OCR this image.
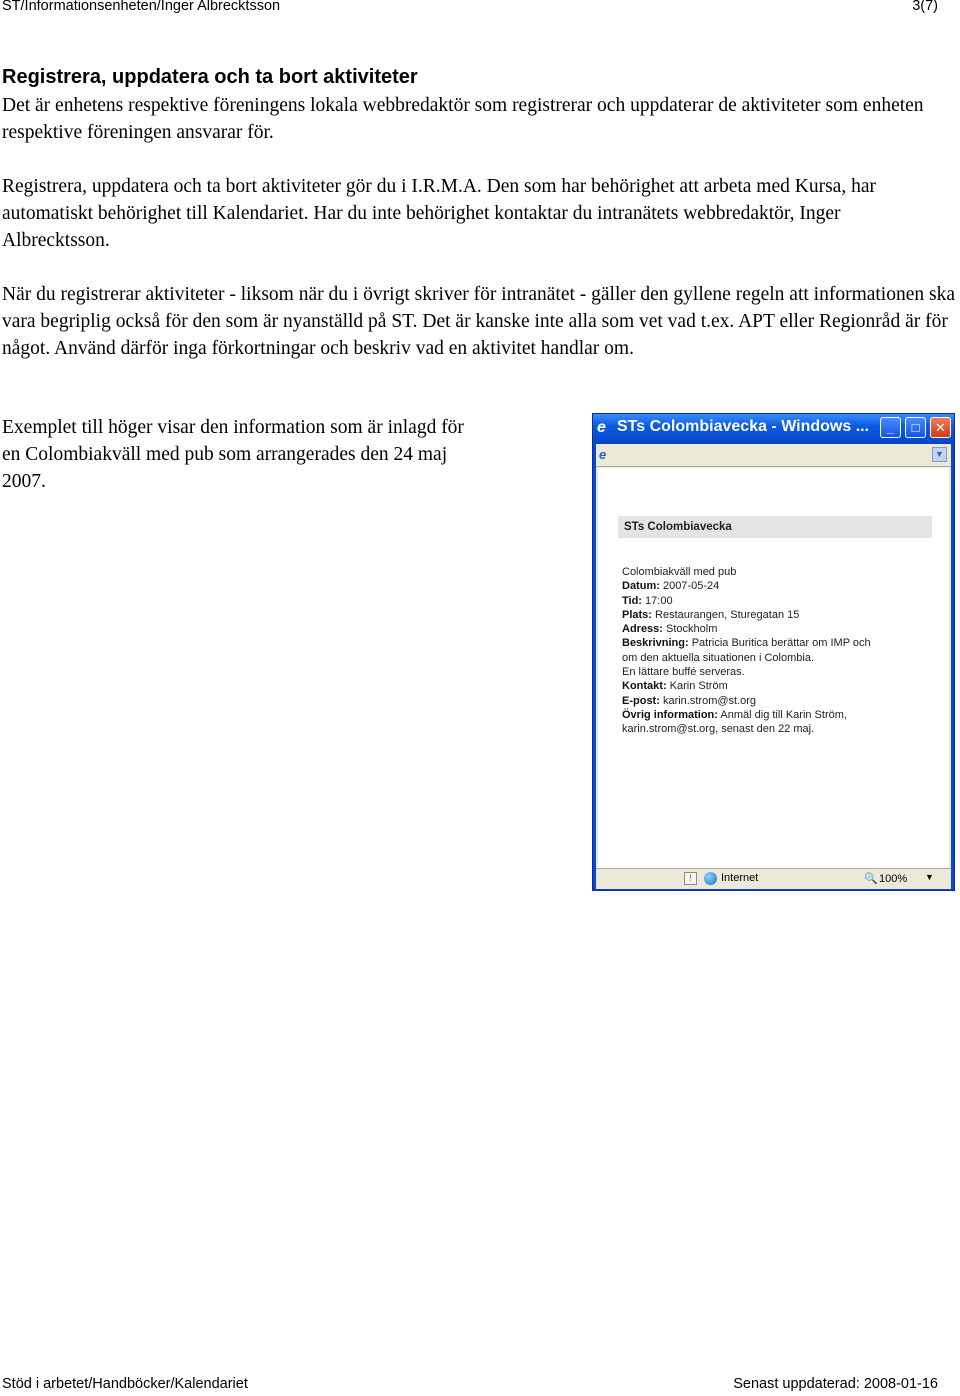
ST/Informationsenheten/Inger Albrecktsson	3(7)
Registrera, uppdatera och ta bort aktiviteter

Det är enhetens respektive föreningens lokala webbredaktör som registrerar och uppdaterar de aktiviteter som enheten respektive föreningen ansvarar för.

Registrera, uppdatera och ta bort aktiviteter gör du i I.R.M.A. Den som har behörighet att arbeta med Kursa, har automatiskt behörighet till Kalendariet. Har du inte behörighet kontaktar du intranätets webbredaktör, Inger Albrecktsson.

När du registrerar aktiviteter - liksom när du i övrigt skriver för intranätet - gäller den gyllene regeln att informationen ska vara begriplig också för den som är nyanställd på ST. Det är kanske inte alla som vet vad t.ex. APT eller Regionråd är för något. Använd därför inga förkortningar och beskriv vad en aktivitet handlar om.

Exemplet till höger visar den information som är inlagd för en Colombiakväll med pub som arrangerades den 24 maj 2007.

e STs Colombiavecka - Windows ...	_	□	✕
e	▼
STs Colombiavecka
Colombiakväll med pub
Datum: 2007-05-24
Tid: 17:00
Plats: Restaurangen, Sturegatan 15
Adress: Stockholm
Beskrivning: Patricia Buritica berättar om IMP och
om den aktuella situationen i Colombia.
En lättare buffé serveras.
Kontakt: Karin Ström
E-post: karin.strom@st.org
Övrig information: Anmäl dig till Karin Ström,
karin.strom@st.org, senast den 22 maj.
!	Internet	🔍 100% ▼
Stöd i arbetet/Handböcker/Kalendariet	Senast uppdaterad: 2008-01-16
